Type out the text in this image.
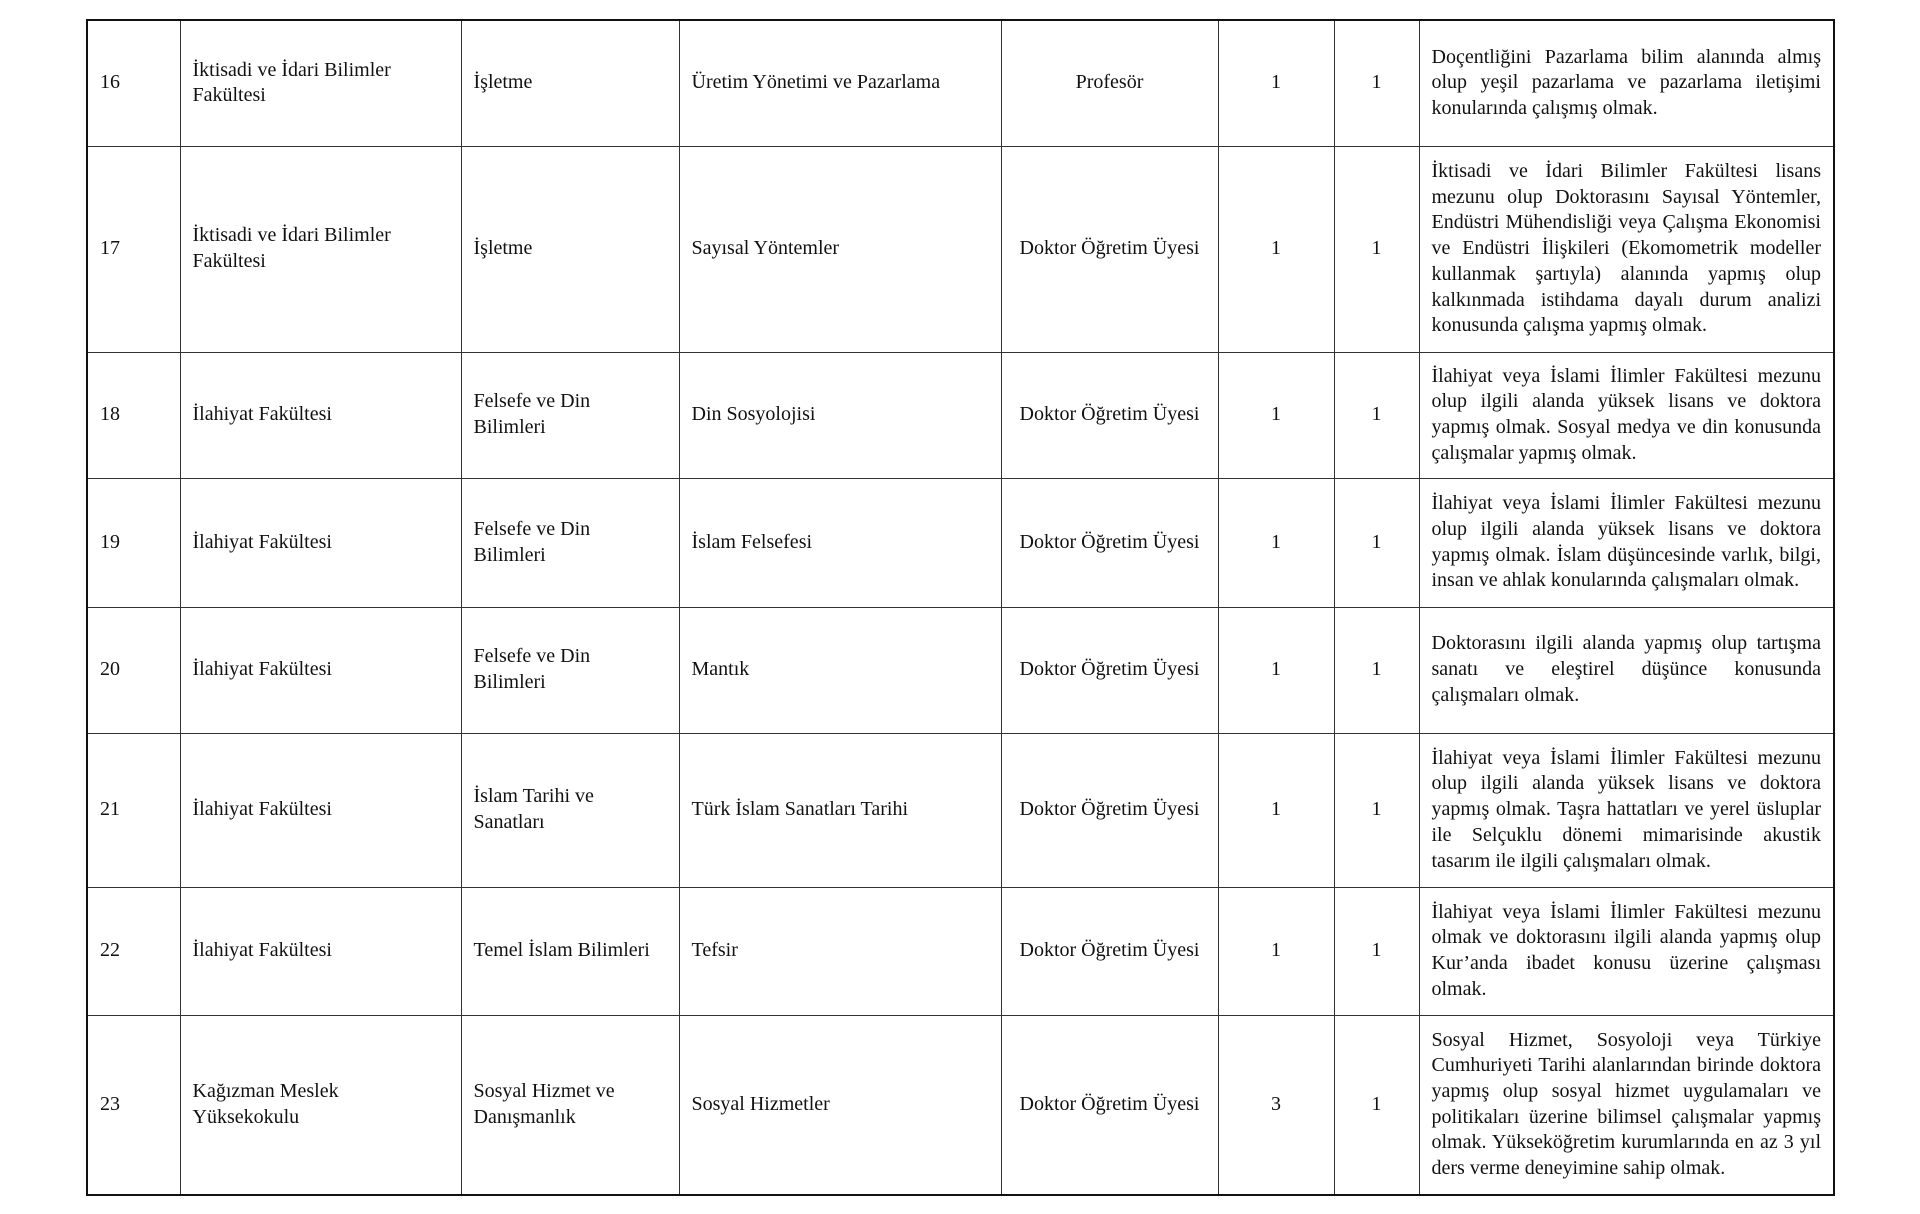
16	İktisadi ve İdari Bilimler Fakültesi	İşletme	Üretim Yönetimi ve Pazarlama	Profesör	1	1	Doçentliğini Pazarlama bilim alanında almış olup yeşil pazarlama ve pazarlama iletişimi konularında çalışmış olmak.
17	İktisadi ve İdari Bilimler Fakültesi	İşletme	Sayısal Yöntemler	Doktor Öğretim Üyesi	1	1	İktisadi ve İdari Bilimler Fakültesi lisans mezunu olup Doktorasını Sayısal Yöntemler, Endüstri Mühendisliği veya Çalışma Ekonomisi ve Endüstri İlişkileri (Ekomometrik modeller kullanmak şartıyla) alanında yapmış olup kalkınmada istihdama dayalı durum analizi konusunda çalışma yapmış olmak.
18	İlahiyat Fakültesi	Felsefe ve Din Bilimleri	Din Sosyolojisi	Doktor Öğretim Üyesi	1	1	İlahiyat veya İslami İlimler Fakültesi mezunu olup ilgili alanda yüksek lisans ve doktora yapmış olmak. Sosyal medya ve din konusunda çalışmalar yapmış olmak.
19	İlahiyat Fakültesi	Felsefe ve Din Bilimleri	İslam Felsefesi	Doktor Öğretim Üyesi	1	1	İlahiyat veya İslami İlimler Fakültesi mezunu olup ilgili alanda yüksek lisans ve doktora yapmış olmak. İslam düşüncesinde varlık, bilgi, insan ve ahlak konularında çalışmaları olmak.
20	İlahiyat Fakültesi	Felsefe ve Din Bilimleri	Mantık	Doktor Öğretim Üyesi	1	1	Doktorasını ilgili alanda yapmış olup tartışma sanatı ve eleştirel düşünce konusunda çalışmaları olmak.
21	İlahiyat Fakültesi	İslam Tarihi ve Sanatları	Türk İslam Sanatları Tarihi	Doktor Öğretim Üyesi	1	1	İlahiyat veya İslami İlimler Fakültesi mezunu olup ilgili alanda yüksek lisans ve doktora yapmış olmak. Taşra hattatları ve yerel üsluplar ile Selçuklu dönemi mimarisinde akustik tasarım ile ilgili çalışmaları olmak.
22	İlahiyat Fakültesi	Temel İslam Bilimleri	Tefsir	Doktor Öğretim Üyesi	1	1	İlahiyat veya İslami İlimler Fakültesi mezunu olmak ve doktorasını ilgili alanda yapmış olup Kur’anda ibadet konusu üzerine çalışması olmak.
23	Kağızman Meslek Yüksekokulu	Sosyal Hizmet ve Danışmanlık	Sosyal Hizmetler	Doktor Öğretim Üyesi	3	1	Sosyal Hizmet, Sosyoloji veya Türkiye Cumhuriyeti Tarihi alanlarından birinde doktora yapmış olup sosyal hizmet uygulamaları ve politikaları üzerine bilimsel çalışmalar yapmış olmak. Yükseköğretim kurumlarında en az 3 yıl ders verme deneyimine sahip olmak.
